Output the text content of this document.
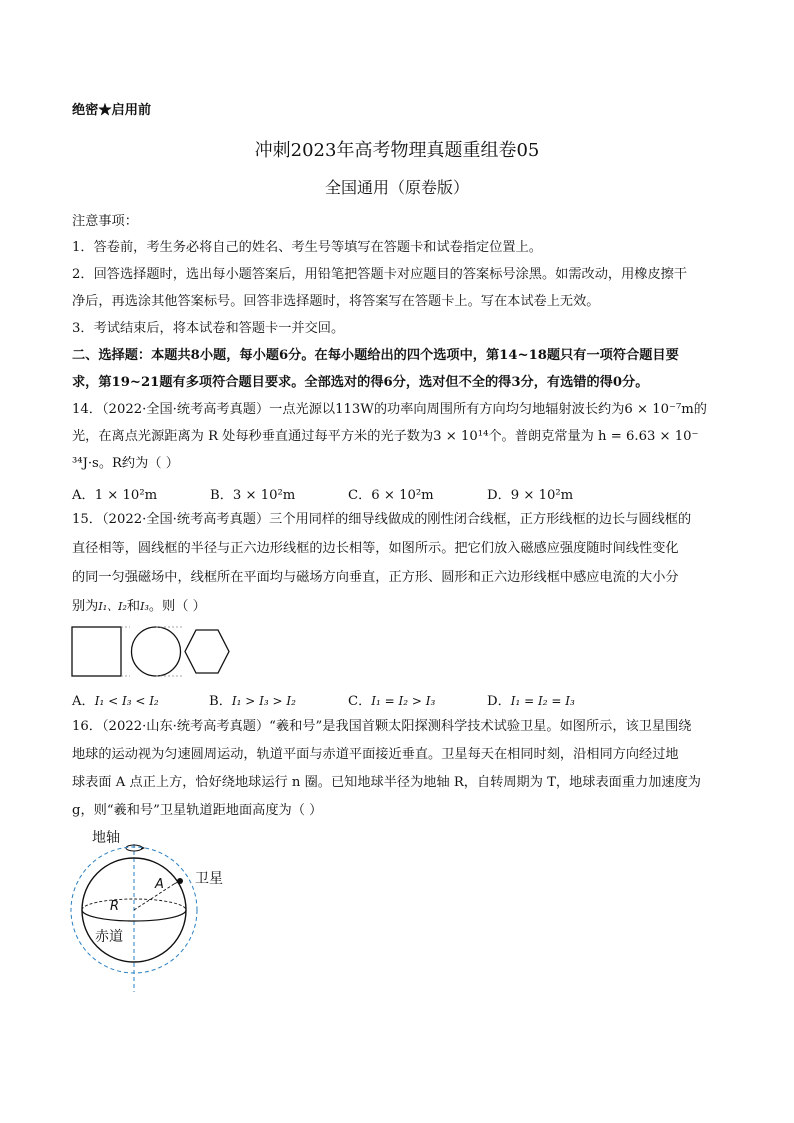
绝密★启用前
冲刺2023年高考物理真题重组卷05
全国通用（原卷版）
注意事项：
1．答卷前，考生务必将自己的姓名、考生号等填写在答题卡和试卷指定位置上。
2．回答选择题时，选出每小题答案后，用铅笔把答题卡对应题目的答案标号涂黑。如需改动，用橡皮擦干
净后，再选涂其他答案标号。回答非选择题时，将答案写在答题卡上。写在本试卷上无效。
3．考试结束后，将本试卷和答题卡一并交回。
二、选择题：本题共8小题，每小题6分。在每小题给出的四个选项中，第14~18题只有一项符合题目要
求，第19~21题有多项符合题目要求。全部选对的得6分，选对但不全的得3分，有选错的得0分。
14．（2022·全国·统考高考真题）一点光源以113W的功率向周围所有方向均匀地辐射波长约为6 × 10⁻⁷m的
光，在离点光源距离为 R 处每秒垂直通过每平方米的光子数为3 × 10¹⁴个。普朗克常量为 h = 6.63 × 10⁻
³⁴J·s。R约为（ ）
A．1 × 10²m	B．3 × 10²m	C．6 × 10²m	D．9 × 10²m
15．（2022·全国·统考高考真题）三个用同样的细导线做成的刚性闭合线框，正方形线框的边长与圆线框的
直径相等，圆线框的半径与正六边形线框的边长相等，如图所示。把它们放入磁感应强度随时间线性变化
的同一匀强磁场中，线框所在平面均与磁场方向垂直，正方形、圆形和正六边形线框中感应电流的大小分
别为I₁、I₂和I₃。则（ ）
A．I₁ < I₃ < I₂	B．I₁ > I₃ > I₂	C．I₁ = I₂ > I₃	D．I₁ = I₂ = I₃
16．（2022·山东·统考高考真题）“羲和号”是我国首颗太阳探测科学技术试验卫星。如图所示，该卫星围绕
地球的运动视为匀速圆周运动，轨道平面与赤道平面接近垂直。卫星每天在相同时刻，沿相同方向经过地
球表面 A 点正上方，恰好绕地球运行 n 圈。已知地球半径为地轴 R，自转周期为 T，地球表面重力加速度为
g，则“羲和号”卫星轨道距地面高度为（ ）
地轴
卫星
A
R
赤道
